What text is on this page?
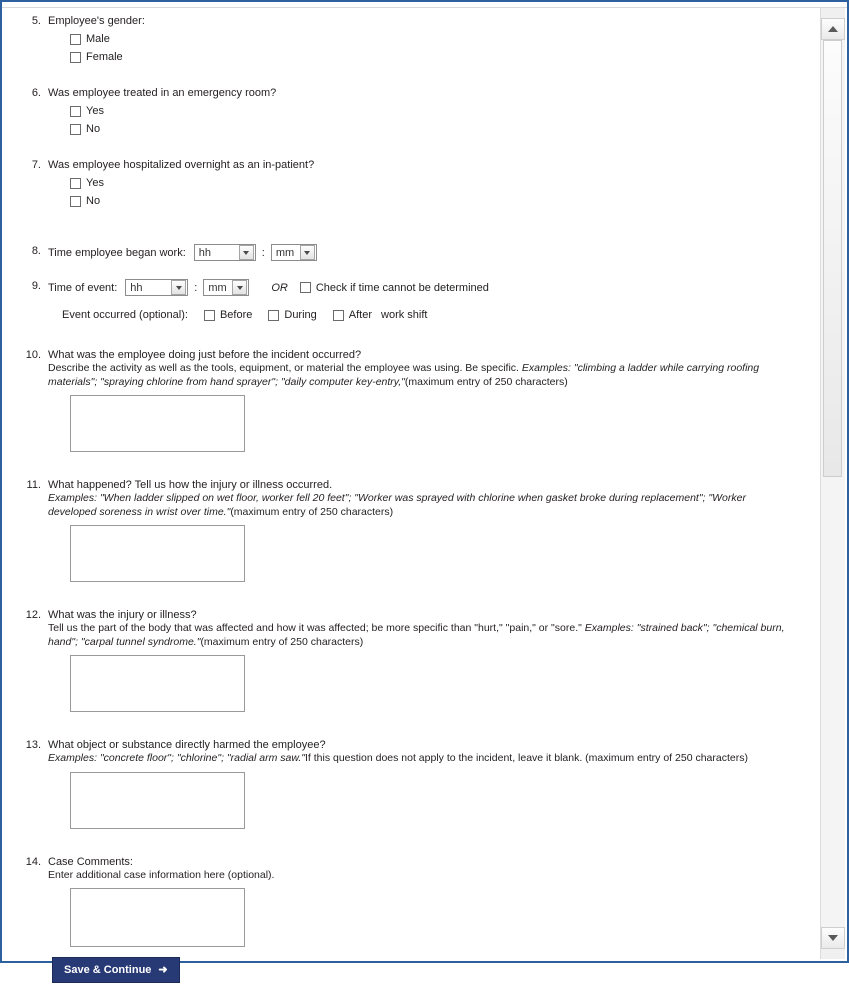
5. Employee's gender:
Male
Female
6. Was employee treated in an emergency room?
Yes
No
7. Was employee hospitalized overnight as an in-patient?
Yes
No
8. Time employee began work: hh	: mm
9. Time of event: hh	: mm	OR	Check if time cannot be determined
Event occurred (optional):	Before	During	After work shift
10. What was the employee doing just before the incident occurred?
Describe the activity as well as the tools, equipment, or material the employee was using. Be specific. Examples: "climbing a ladder while carrying roofing materials"; "spraying chlorine from hand sprayer"; "daily computer key-entry,"(maximum entry of 250 characters)
11. What happened? Tell us how the injury or illness occurred.
Examples: "When ladder slipped on wet floor, worker fell 20 feet"; "Worker was sprayed with chlorine when gasket broke during replacement"; "Worker developed soreness in wrist over time."(maximum entry of 250 characters)
12. What was the injury or illness?
Tell us the part of the body that was affected and how it was affected; be more specific than "hurt," "pain," or "sore." Examples: "strained back"; "chemical burn, hand"; "carpal tunnel syndrome."(maximum entry of 250 characters)
13. What object or substance directly harmed the employee?
Examples: "concrete floor"; "chlorine"; "radial arm saw."If this question does not apply to the incident, leave it blank. (maximum entry of 250 characters)
14. Case Comments:
Enter additional case information here (optional).
Save & Continue ➜
